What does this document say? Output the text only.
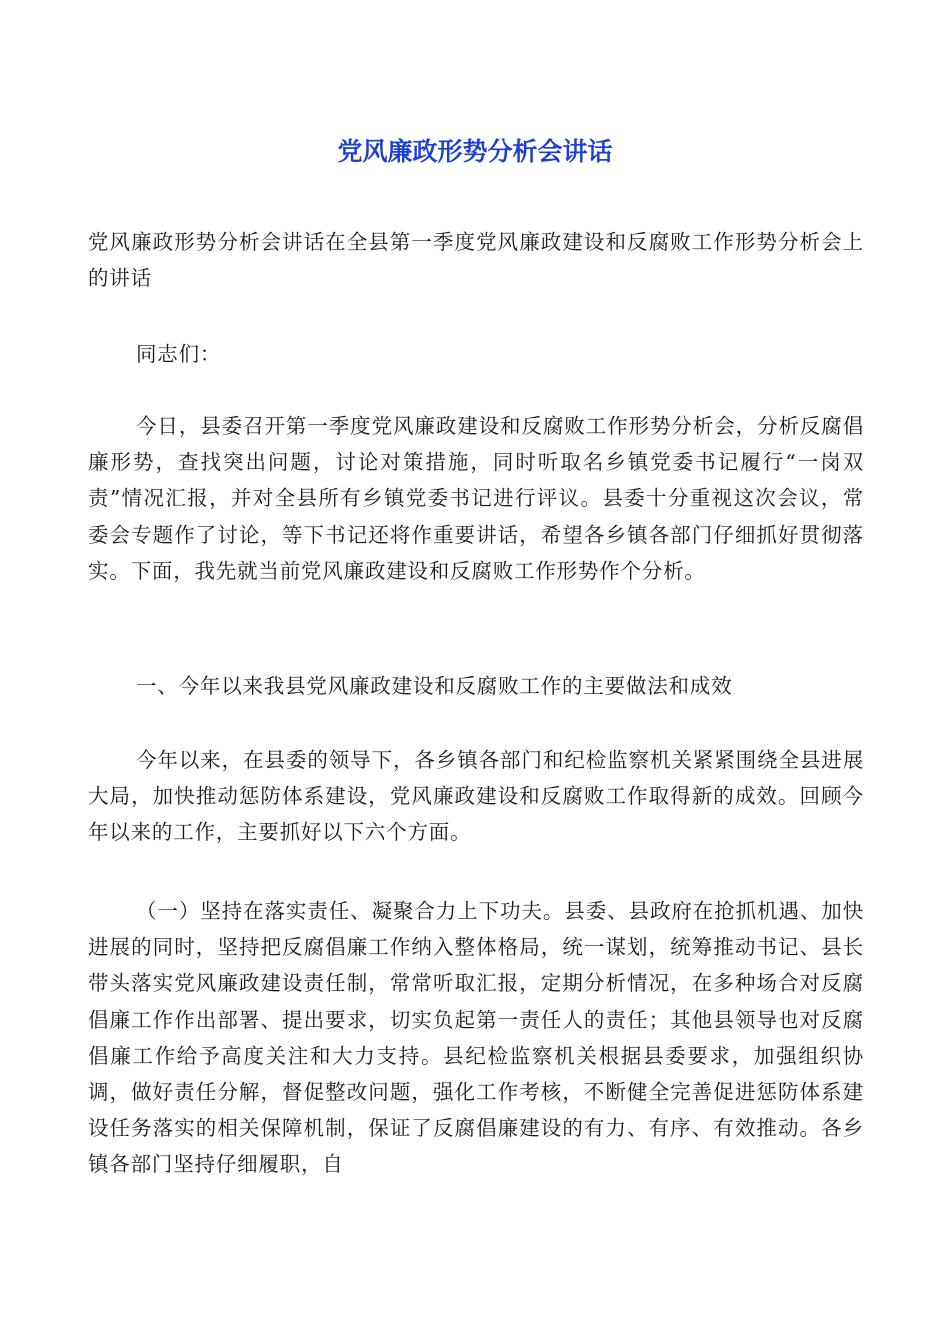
党风廉政形势分析会讲话

党风廉政形势分析会讲话在全县第一季度党风廉政建设和反腐败工作形势分析会上的讲话

同志们：

今日，县委召开第一季度党风廉政建设和反腐败工作形势分析会，分析反腐倡廉形势，查找突出问题，讨论对策措施，同时听取名乡镇党委书记履行“一岗双责”情况汇报，并对全县所有乡镇党委书记进行评议。县委十分重视这次会议，常委会专题作了讨论，等下书记还将作重要讲话，希望各乡镇各部门仔细抓好贯彻落实。下面，我先就当前党风廉政建设和反腐败工作形势作个分析。

一、今年以来我县党风廉政建设和反腐败工作的主要做法和成效

今年以来，在县委的领导下，各乡镇各部门和纪检监察机关紧紧围绕全县进展大局，加快推动惩防体系建设，党风廉政建设和反腐败工作取得新的成效。回顾今年以来的工作，主要抓好以下六个方面。

（一）坚持在落实责任、凝聚合力上下功夫。县委、县政府在抢抓机遇、加快进展的同时，坚持把反腐倡廉工作纳入整体格局，统一谋划，统筹推动书记、县长带头落实党风廉政建设责任制，常常听取汇报，定期分析情况，在多种场合对反腐倡廉工作作出部署、提出要求，切实负起第一责任人的责任；其他县领导也对反腐倡廉工作给予高度关注和大力支持。县纪检监察机关根据县委要求，加强组织协调，做好责任分解，督促整改问题，强化工作考核，不断健全完善促进惩防体系建设任务落实的相关保障机制，保证了反腐倡廉建设的有力、有序、有效推动。各乡镇各部门坚持仔细履职，自
